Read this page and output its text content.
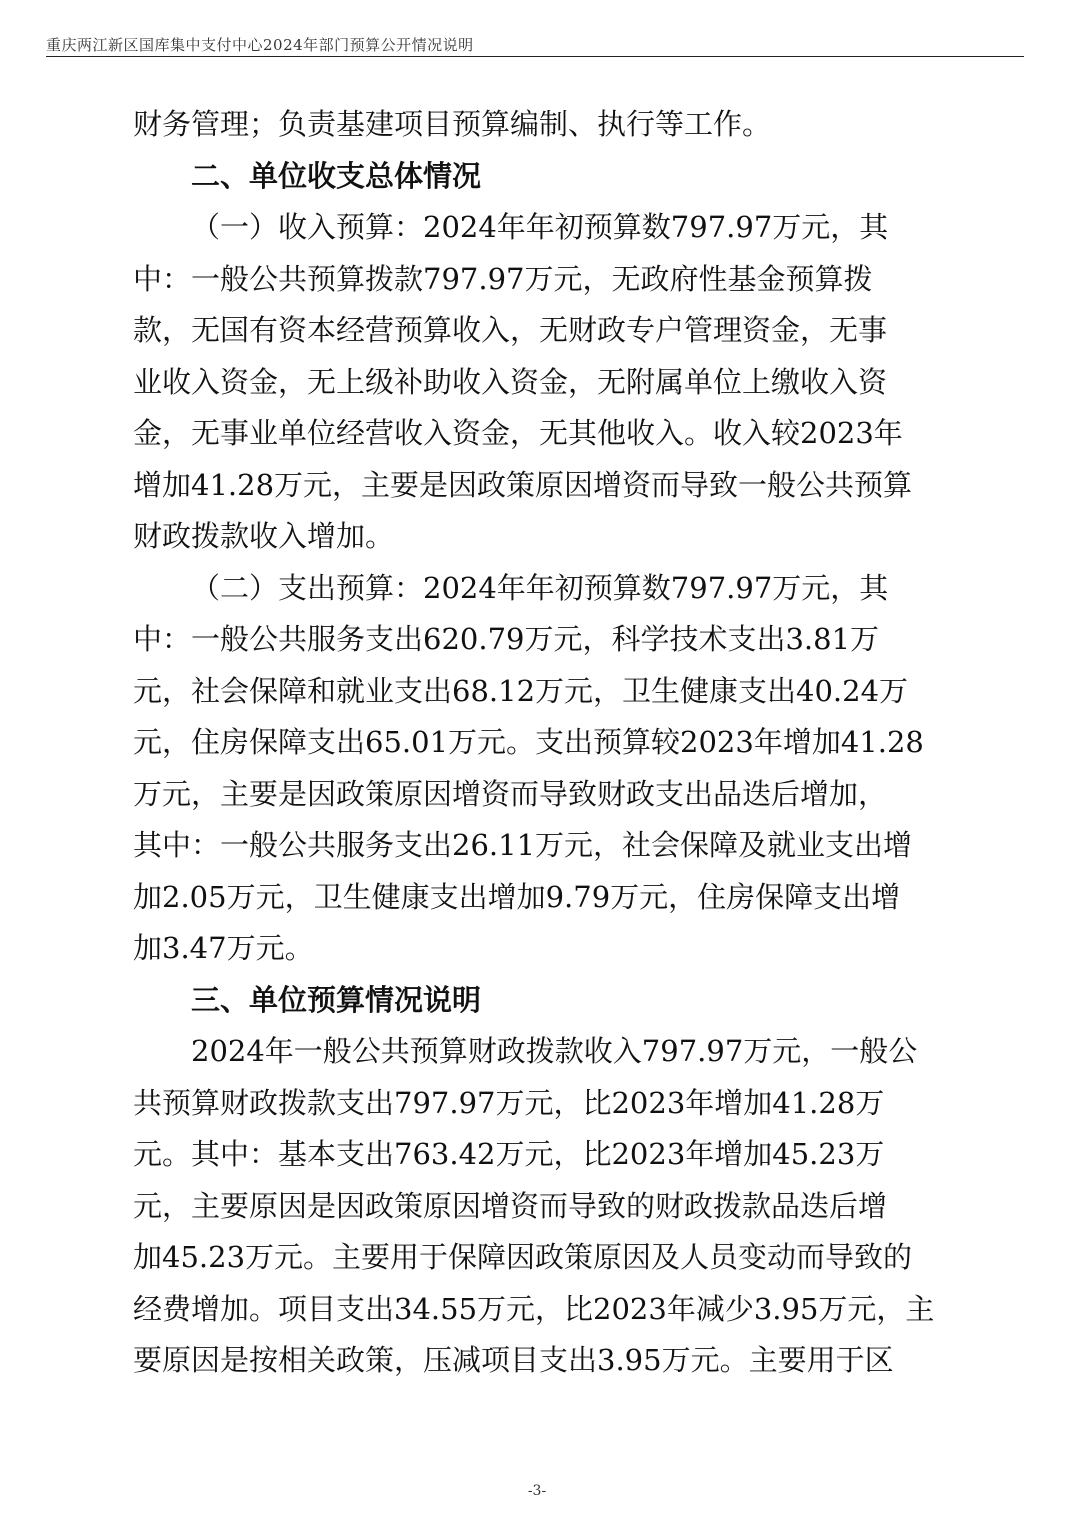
重庆两江新区国库集中支付中心2024年部门预算公开情况说明
财务管理；负责基建项目预算编制、执行等工作。
二、单位收支总体情况
（一）收入预算：2024年年初预算数797.97万元，其
中：一般公共预算拨款797.97万元，无政府性基金预算拨
款，无国有资本经营预算收入，无财政专户管理资金，无事
业收入资金，无上级补助收入资金，无附属单位上缴收入资
金，无事业单位经营收入资金，无其他收入。收入较2023年
增加41.28万元，主要是因政策原因增资而导致一般公共预算
财政拨款收入增加。
（二）支出预算：2024年年初预算数797.97万元，其
中：一般公共服务支出620.79万元，科学技术支出3.81万
元，社会保障和就业支出68.12万元，卫生健康支出40.24万
元，住房保障支出65.01万元。支出预算较2023年增加41.28
万元，主要是因政策原因增资而导致财政支出品迭后增加，
其中：一般公共服务支出26.11万元，社会保障及就业支出增
加2.05万元，卫生健康支出增加9.79万元，住房保障支出增
加3.47万元。
三、单位预算情况说明
2024年一般公共预算财政拨款收入797.97万元，一般公
共预算财政拨款支出797.97万元，比2023年增加41.28万
元。其中：基本支出763.42万元，比2023年增加45.23万
元，主要原因是因政策原因增资而导致的财政拨款品迭后增
加45.23万元。主要用于保障因政策原因及人员变动而导致的
经费增加。项目支出34.55万元，比2023年减少3.95万元，主
要原因是按相关政策，压减项目支出3.95万元。主要用于区
-3-
